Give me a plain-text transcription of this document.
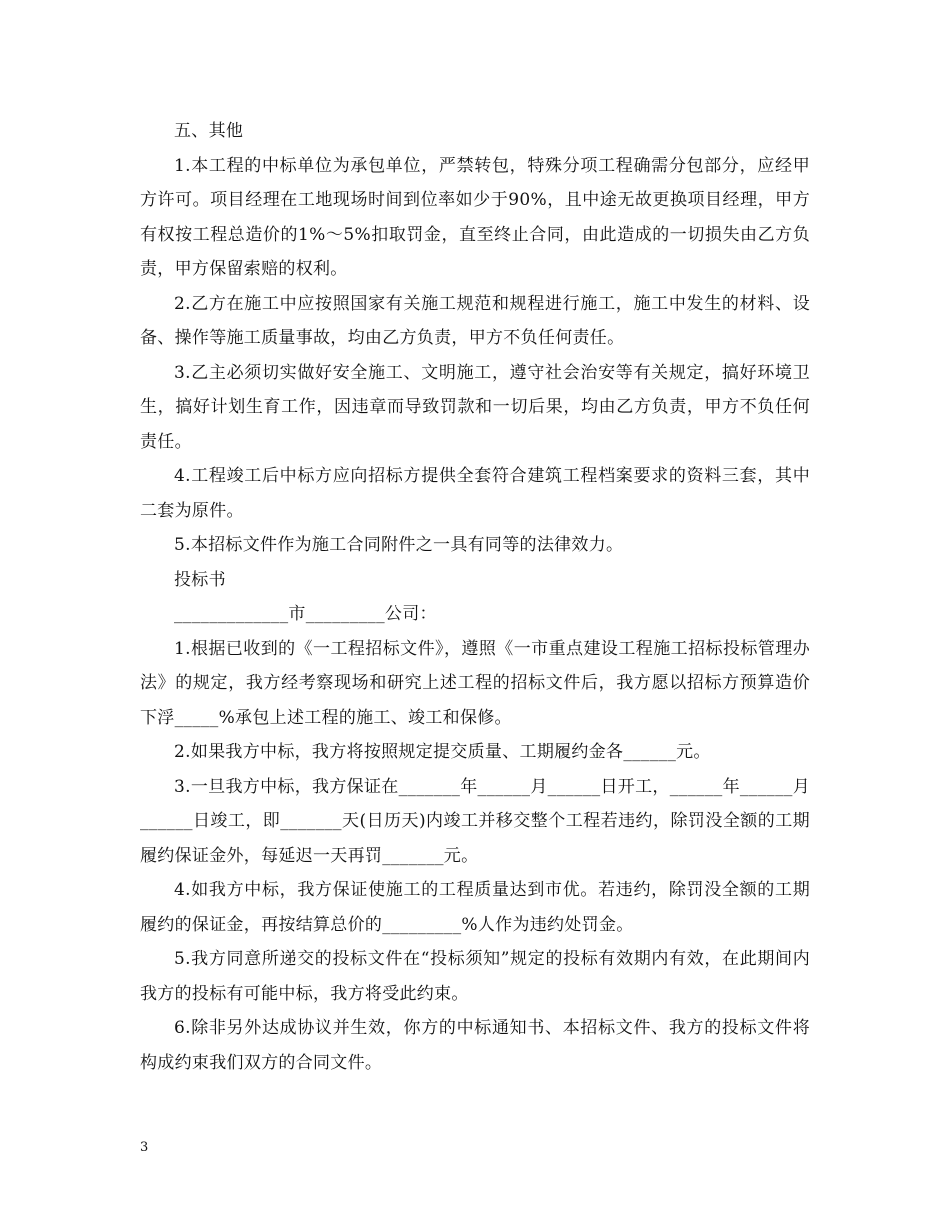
五、其他

1.本工程的中标单位为承包单位，严禁转包，特殊分项工程确需分包部分，应经甲方许可。项目经理在工地现场时间到位率如少于90%，且中途无故更换项目经理，甲方有权按工程总造价的1%～5%扣取罚金，直至终止合同，由此造成的一切损失由乙方负责，甲方保留索赔的权利。

2.乙方在施工中应按照国家有关施工规范和规程进行施工，施工中发生的材料、设备、操作等施工质量事故，均由乙方负责，甲方不负任何责任。

3.乙主必须切实做好安全施工、文明施工，遵守社会治安等有关规定，搞好环境卫生，搞好计划生育工作，因违章而导致罚款和一切后果，均由乙方负责，甲方不负任何责任。

4.工程竣工后中标方应向招标方提供全套符合建筑工程档案要求的资料三套，其中二套为原件。

5.本招标文件作为施工合同附件之一具有同等的法律效力。

投标书

_____________市_________公司：

1.根据已收到的《一工程招标文件》，遵照《一市重点建设工程施工招标投标管理办法》的规定，我方经考察现场和研究上述工程的招标文件后，我方愿以招标方预算造价下浮_____%承包上述工程的施工、竣工和保修。

2.如果我方中标，我方将按照规定提交质量、工期履约金各______元。

3.一旦我方中标，我方保证在_______年______月______日开工，______年______月______日竣工，即_______天(日历天)内竣工并移交整个工程若违约，除罚没全额的工期履约保证金外，每延迟一天再罚_______元。

4.如我方中标，我方保证使施工的工程质量达到市优。若违约，除罚没全额的工期履约的保证金，再按结算总价的_________%人作为违约处罚金。

5.我方同意所递交的投标文件在“投标须知”规定的投标有效期内有效，在此期间内我方的投标有可能中标，我方将受此约束。

6.除非另外达成协议并生效，你方的中标通知书、本招标文件、我方的投标文件将构成约束我们双方的合同文件。

3
